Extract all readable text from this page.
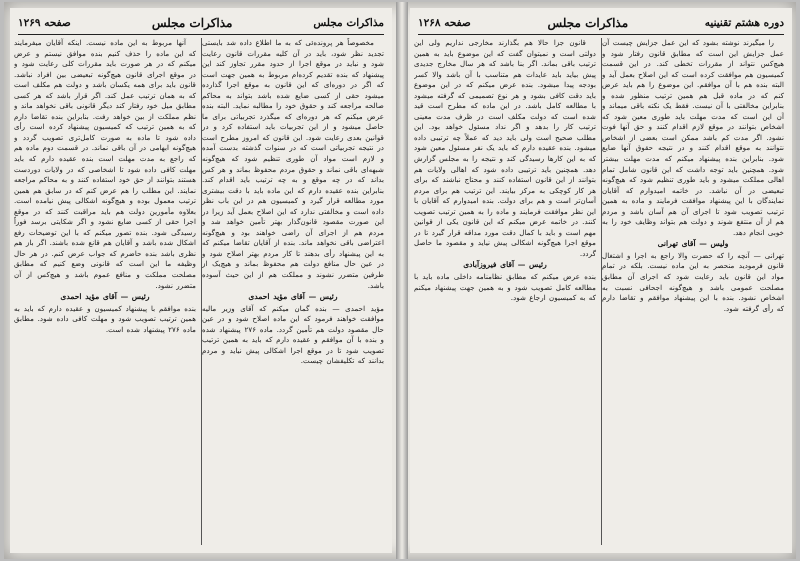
مذاکرات مجلس
مذاکرات مجلس
صفحه ۱۲۶۹

مخصوصاً هر پرونده‌ئی که به ما اطلاع داده شد بایستی تجدید نظر شود، باید در آن کلیه مقررات قانون رعایت شود و نباید در موقع اجرا از حدود مقرر تجاوز کند این پیشنهاد که بنده تقدیم کرده‌ام مربوط به همین جهت است که اگر در دوره‌ای که این قانون به موقع اجرا گذارده میشود حقی از کسی ضایع شده باشد بتواند به محاکم صالحه مراجعه کند و حقوق خود را مطالبه نماید. البته بنده عرض میکنم که هر دوره‌ای که میگذرد تجربیاتی برای ما حاصل میشود و از این تجربیات باید استفاده کرد و در قوانین بعدی رعایت شود. این قانون که امروز مطرح است در نتیجه تجربیاتی است که در سنوات گذشته بدست آمده و لازم است مواد آن طوری تنظیم شود که هیچ‌گونه شبهه‌ای باقی نماند و حقوق مردم محفوظ بماند و هر کس بداند که در چه موقع و به چه ترتیب باید اقدام کند. بنابراین بنده عقیده دارم که این ماده باید با دقت بیشتری مورد مطالعه قرار گیرد و کمیسیون هم در این باب نظر داده است و مخالفتی ندارد که این اصلاح بعمل آید زیرا در این صورت مقصود قانون‌گذار بهتر تأمین خواهد شد و مردم هم از اجرای آن راضی خواهند بود و هیچ‌گونه اعتراضی باقی نخواهد ماند. بنده از آقایان تقاضا میکنم که به این پیشنهاد رأی بدهند تا کار مردم بهتر اصلاح شود و در عین حال منافع دولت هم محفوظ بماند و هیچ‌یک از طرفین متضرر نشوند و مملکت هم از این حیث آسوده باشد.

رئیس — آقای مؤید احمدی

مؤید احمدی — بنده گمان میکنم که آقای وزیر مالیه موافقت خواهند فرمود که این ماده اصلاح شود و در عین حال مقصود دولت هم تأمین گردد. ماده ۲۷۶ پیشنهاد شده و بنده با آن موافقم و عقیده دارم که باید به همین ترتیب تصویب شود تا در موقع اجرا اشکالی پیش نیاید و مردم بدانند که تکلیفشان چیست.

آنها مربوط به این ماده نیست. اینکه آقایان میفرمایند که این ماده را حذف کنیم بنده موافق نیستم و عرض میکنم که در هر صورت باید مقررات کلی رعایت شود و در موقع اجرای قانون هیچ‌گونه تبعیضی بین افراد نباشد. قانون باید برای همه یکسان باشد و دولت هم مکلف است که به همان ترتیب عمل کند. اگر قرار باشد که هر کسی مطابق میل خود رفتار کند دیگر قانونی باقی نخواهد ماند و نظم مملکت از بین خواهد رفت. بنابراین بنده تقاضا دارم که به همین ترتیب که کمیسیون پیشنهاد کرده است رأی داده شود تا ماده به صورت کامل‌تری تصویب گردد و هیچ‌گونه ابهامی در آن باقی نماند. در قسمت دوم ماده هم که راجع به مدت مهلت است بنده عقیده دارم که باید مهلت کافی داده شود تا اشخاصی که در ولایات دوردست هستند بتوانند از حق خود استفاده کنند و به محاکم مراجعه نمایند. این مطلب را هم عرض کنم که در سابق هم همین ترتیب معمول بوده و هیچ‌گونه اشکالی پیش نیامده است. بعلاوه مأمورین دولت هم باید مراقبت کنند که در موقع اجرا حقی از کسی ضایع نشود و اگر شکایتی برسد فوراً رسیدگی شود. بنده تصور میکنم که با این توضیحات رفع اشکال شده باشد و آقایان هم قانع شده باشند. اگر باز هم نظری باشد بنده حاضرم که جواب عرض کنم. در هر حال وظیفه ما این است که قانونی وضع کنیم که مطابق مصلحت مملکت و منافع عموم باشد و هیچ‌کس از آن متضرر نشود.

رئیس — آقای مؤید احمدی

بنده موافقم با پیشنهاد کمیسیون و عقیده دارم که باید به همین ترتیب تصویب شود و مهلت کافی داده شود. مطابق ماده ۲۷۶ پیشنهاد شده است.

دوره هشتم تقنینیه
مذاکرات مجلس
صفحه ۱۲۶۸

را میگیرند نوشته بشود که این عمل جزایش چیست آن عمل جزایش این است که مطابق قانون رفتار شود و هیچ‌کس نتواند از مقررات تخطی کند. در این قسمت کمیسیون هم موافقت کرده است که این اصلاح بعمل آید و البته بنده هم با آن موافقم. این موضوع را هم باید عرض کنم که در ماده قبل هم همین ترتیب منظور شده و بنابراین مخالفتی با آن نیست. فقط یک نکته باقی میماند و آن این است که مدت مهلت باید طوری معین شود که اشخاص بتوانند در موقع لازم اقدام کنند و حق آنها فوت نشود. اگر مدت کم باشد ممکن است بعضی از اشخاص نتوانند به موقع اقدام کنند و در نتیجه حقوق آنها ضایع شود. بنابراین بنده پیشنهاد میکنم که مدت مهلت بیشتر شود. همچنین باید توجه داشت که این قانون شامل تمام اهالی مملکت میشود و باید طوری تنظیم شود که هیچ‌گونه تبعیضی در آن نباشد. در خاتمه امیدوارم که آقایان نمایندگان با این پیشنهاد موافقت فرمایند و ماده به همین ترتیب تصویب شود تا اجرای آن هم آسان باشد و مردم هم از آن منتفع شوند و دولت هم بتواند وظایف خود را به خوبی انجام دهد.

ولیس — آقای تهرانی

تهرانی — آنچه را که حضرت والا راجع به اجرا و اشتغال قانون فرمودید منحصر به این ماده نیست. بلکه در تمام مواد این قانون باید رعایت شود که اجرای آن مطابق مصلحت عمومی باشد و هیچ‌گونه اجحافی نسبت به اشخاص نشود. بنده با این پیشنهاد موافقم و تقاضا دارم که رأی گرفته شود.

قانون جزا حالا هم بگذارند مخارجی نداریم ولی این دولتی است و نمیتوان گفت که این موضوع باید به همین ترتیب باقی بماند. اگر بنا باشد که هر سال مخارج جدیدی پیش بیاید باید عایدات هم متناسب با آن باشد والا کسر بودجه پیدا میشود. بنده عرض میکنم که در این موضوع باید دقت کافی بشود و هر نوع تصمیمی که گرفته میشود با مطالعه کامل باشد. در این ماده که مطرح است قید شده است که دولت مکلف است در ظرف مدت معینی ترتیب کار را بدهد و اگر نداد مسئول خواهد بود. این مطلب صحیح است ولی باید دید که عملاً چه ترتیبی داده میشود. بنده عقیده دارم که باید یک نفر مسئول معین شود که به این کارها رسیدگی کند و نتیجه را به مجلس گزارش دهد. همچنین باید ترتیبی داده شود که اهالی ولایات هم بتوانند از این قانون استفاده کنند و محتاج نباشند که برای هر کار کوچکی به مرکز بیایند. این ترتیب هم برای مردم آسان‌تر است و هم برای دولت. بنده امیدوارم که آقایان با این نظر موافقت فرمایند و ماده را به همین ترتیب تصویب کنند. در خاتمه عرض میکنم که این قانون یکی از قوانین مهم است و باید با کمال دقت مورد مداقه قرار گیرد تا در موقع اجرا هیچ‌گونه اشکالی پیش نیاید و مقصود ما حاصل گردد.

رئیس — آقای فیروزآبادی

بنده عرض میکنم که مطابق نظامنامه داخلی ماده باید با مطالعه کامل تصویب شود و به همین جهت پیشنهاد میکنم که به کمیسیون ارجاع شود.
